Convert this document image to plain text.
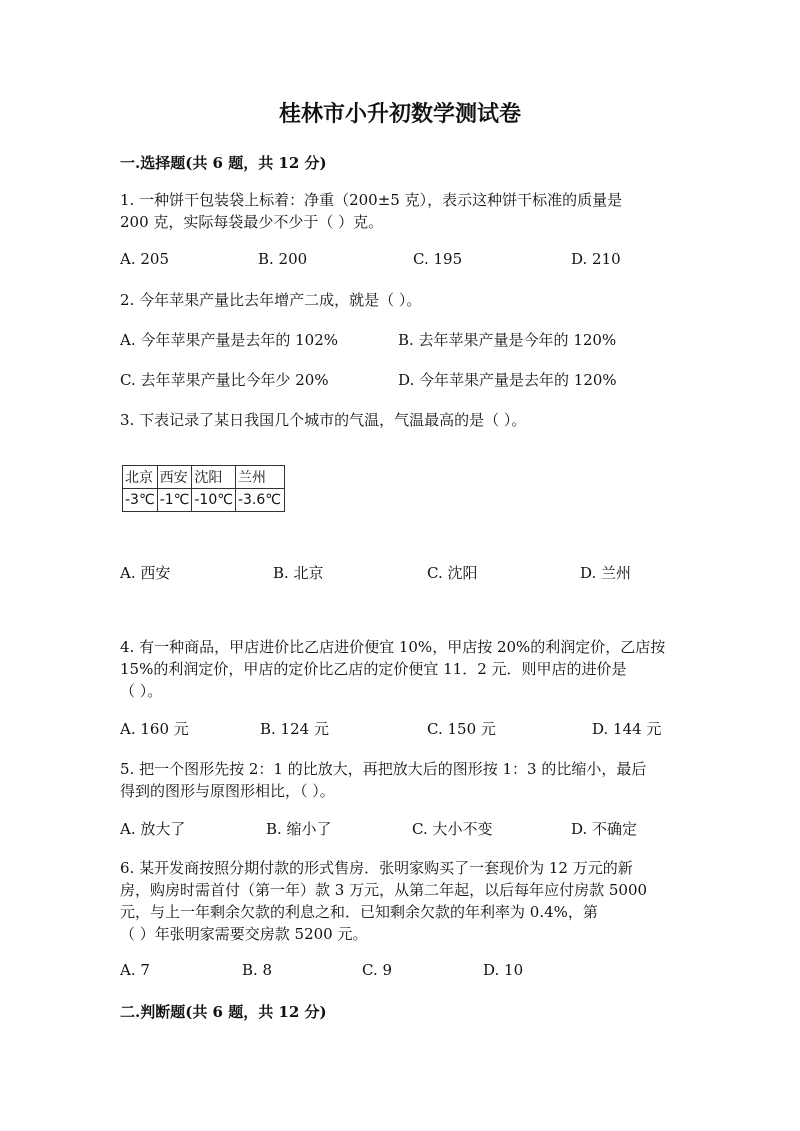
桂林市小升初数学测试卷
一.选择题(共 6 题，共 12 分)
1. 一种饼干包装袋上标着：净重（200±5 克），表示这种饼干标准的质量是
200 克，实际每袋最少不少于（ ）克。
A. 205	B. 200	C. 195	D. 210
2. 今年苹果产量比去年增产二成，就是（ ）。
A. 今年苹果产量是去年的 102%	B. 去年苹果产量是今年的 120%
C. 去年苹果产量比今年少 20%	D. 今年苹果产量是去年的 120%
3. 下表记录了某日我国几个城市的气温，气温最高的是（ ）。
北京	西安	沈阳	兰州
-3℃	-1℃	-10℃	-3.6℃
A. 西安	B. 北京	C. 沈阳	D. 兰州
4. 有一种商品，甲店进价比乙店进价便宜 10%，甲店按 20%的利润定价，乙店按
15%的利润定价，甲店的定价比乙店的定价便宜 11．2 元．则甲店的进价是
（ ）。
A. 160 元	B. 124 元	C. 150 元	D. 144 元
5. 把一个图形先按 2：1 的比放大，再把放大后的图形按 1：3 的比缩小，最后
得到的图形与原图形相比，（ ）。
A. 放大了	B. 缩小了	C. 大小不变	D. 不确定
6. 某开发商按照分期付款的形式售房．张明家购买了一套现价为 12 万元的新
房，购房时需首付（第一年）款 3 万元，从第二年起，以后每年应付房款 5000
元，与上一年剩余欠款的利息之和．已知剩余欠款的年利率为 0.4%，第
（ ）年张明家需要交房款 5200 元。
A. 7	B. 8	C. 9	D. 10
二.判断题(共 6 题，共 12 分)
